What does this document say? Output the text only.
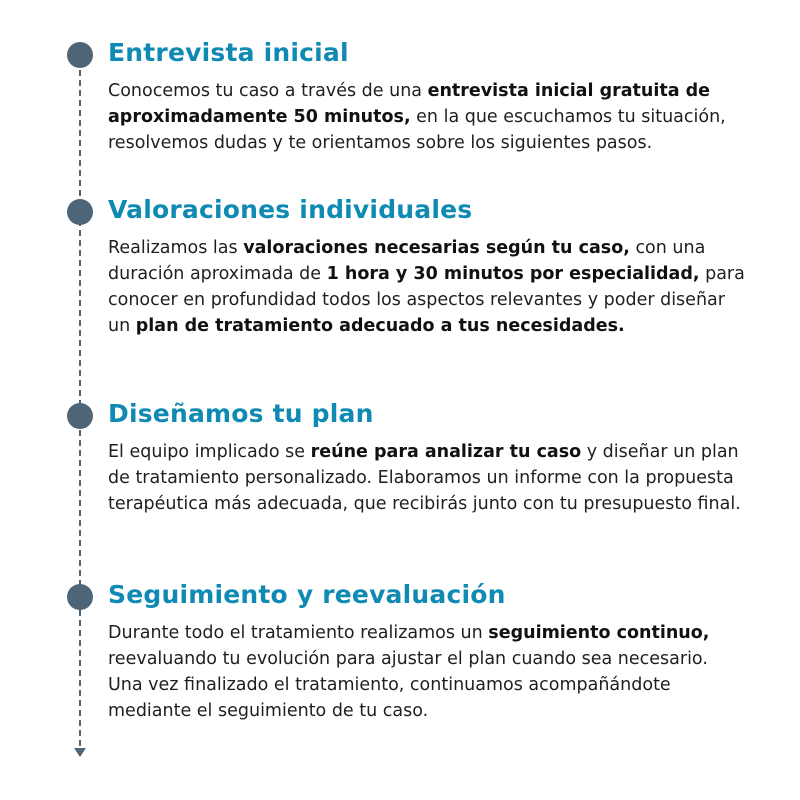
Entrevista inicial

Conocemos tu caso a través de una entrevista inicial gratuita de aproximadamente 50 minutos, en la que escuchamos tu situación, resolvemos dudas y te orientamos sobre los siguientes pasos.

Valoraciones individuales

Realizamos las valoraciones necesarias según tu caso, con una duración aproximada de 1 hora y 30 minutos por especialidad, para conocer en profundidad todos los aspectos relevantes y poder diseñar un plan de tratamiento adecuado a tus necesidades.

Diseñamos tu plan

El equipo implicado se reúne para analizar tu caso y diseñar un plan de tratamiento personalizado. Elaboramos un informe con la propuesta terapéutica más adecuada, que recibirás junto con tu presupuesto final.

Seguimiento y reevaluación

Durante todo el tratamiento realizamos un seguimiento continuo, reevaluando tu evolución para ajustar el plan cuando sea necesario. Una vez finalizado el tratamiento, continuamos acompañándote mediante el seguimiento de tu caso.
